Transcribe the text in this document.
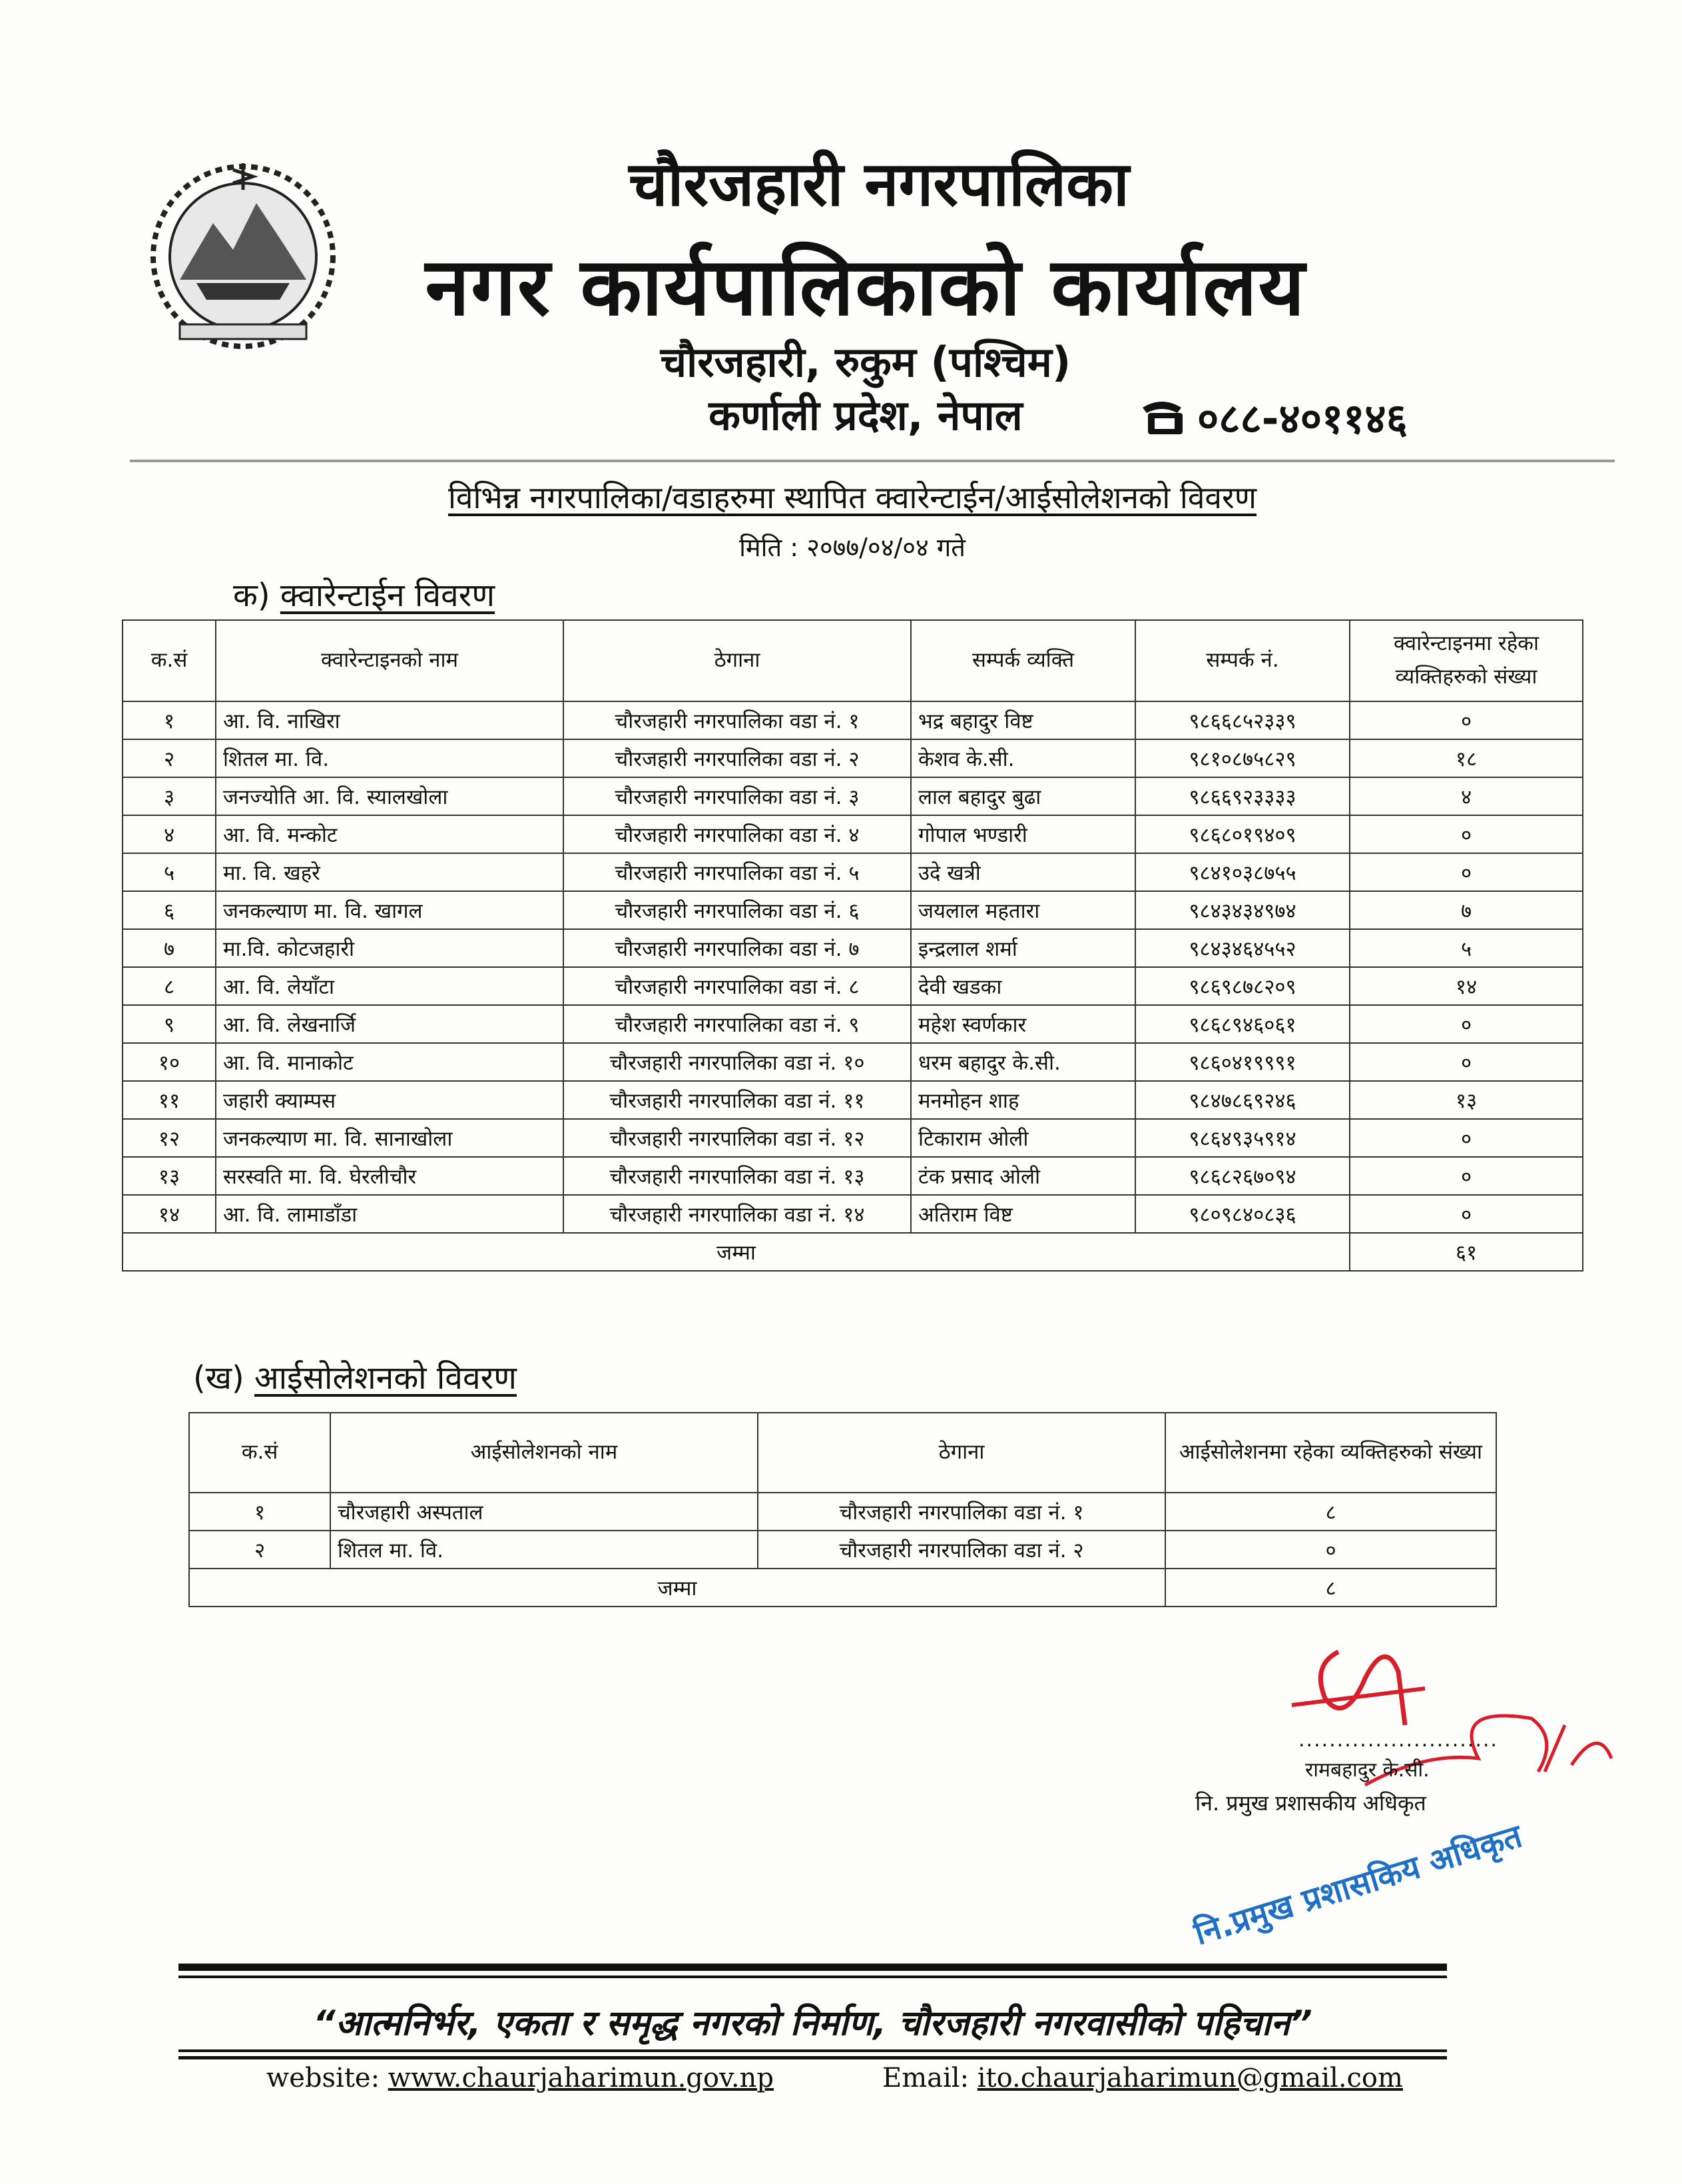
चौरजहारी नगरपालिका
नगर कार्यपालिकाको कार्यालय
चौरजहारी, रुकुम (पश्चिम)
कर्णाली प्रदेश, नेपाल	०८८-४०११४६
विभिन्न नगरपालिका/वडाहरुमा स्थापित क्वारेन्टाईन/आईसोलेशनको विवरण
मिति : २०७७/०४/०४ गते
क) क्वारेन्टाईन विवरण
क.सं	क्वारेन्टाइनको नाम	ठेगाना	सम्पर्क व्यक्ति	सम्पर्क नं.	क्वारेन्टाइनमा रहेका व्यक्तिहरुको संख्या
१	आ. वि. नाखिरा	चौरजहारी नगरपालिका वडा नं. १	भद्र बहादुर विष्ट	९८६६८५२३३९	०
२	शितल मा. वि.	चौरजहारी नगरपालिका वडा नं. २	केशव के.सी.	९८१०८७५८२९	१८
३	जनज्योति आ. वि. स्यालखोला	चौरजहारी नगरपालिका वडा नं. ३	लाल बहादुर बुढा	९८६६९२३३३३	४
४	आ. वि. मन्कोट	चौरजहारी नगरपालिका वडा नं. ४	गोपाल भण्डारी	९८६८०१९४०९	०
५	मा. वि. खहरे	चौरजहारी नगरपालिका वडा नं. ५	उदे खत्री	९८४१०३८७५५	०
६	जनकल्याण मा. वि. खागल	चौरजहारी नगरपालिका वडा नं. ६	जयलाल महतारा	९८४३४३४९७४	७
७	मा.वि. कोटजहारी	चौरजहारी नगरपालिका वडा नं. ७	इन्द्रलाल शर्मा	९८४३४६४५५२	५
८	आ. वि. लेयाँटा	चौरजहारी नगरपालिका वडा नं. ८	देवी खडका	९८६९८७८२०९	१४
९	आ. वि. लेखनार्जि	चौरजहारी नगरपालिका वडा नं. ९	महेश स्वर्णकार	९८६८९४६०६१	०
१०	आ. वि. मानाकोट	चौरजहारी नगरपालिका वडा नं. १०	धरम बहादुर के.सी.	९८६०४१९९९१	०
११	जहारी क्याम्पस	चौरजहारी नगरपालिका वडा नं. ११	मनमोहन शाह	९८४७८६९२४६	१३
१२	जनकल्याण मा. वि. सानाखोला	चौरजहारी नगरपालिका वडा नं. १२	टिकाराम ओली	९८६४९३५९१४	०
१३	सरस्वति मा. वि. घेरलीचौर	चौरजहारी नगरपालिका वडा नं. १३	टंक प्रसाद ओली	९८६८२६७०९४	०
१४	आ. वि. लामाडाँडा	चौरजहारी नगरपालिका वडा नं. १४	अतिराम विष्ट	९८०९८४०८३६	०
जम्मा					६१
(ख) आईसोलेशनको विवरण
क.सं	आईसोलेशनको नाम	ठेगाना	आईसोलेशनमा रहेका व्यक्तिहरुको संख्या
१	चौरजहारी अस्पताल	चौरजहारी नगरपालिका वडा नं. १	८
२	शितल मा. वि.	चौरजहारी नगरपालिका वडा नं. २	०
जम्मा			८
..........................
रामबहादुर के.सी.
नि. प्रमुख प्रशासकीय अधिकृत
नि.प्रमुख प्रशासकिय अधिकृत
“आत्मनिर्भर, एकता र समृद्ध नगरको निर्माण, चौरजहारी नगरवासीको पहिचान”
website: www.chaurjaharimun.gov.np	Email: ito.chaurjaharimun@gmail.com
